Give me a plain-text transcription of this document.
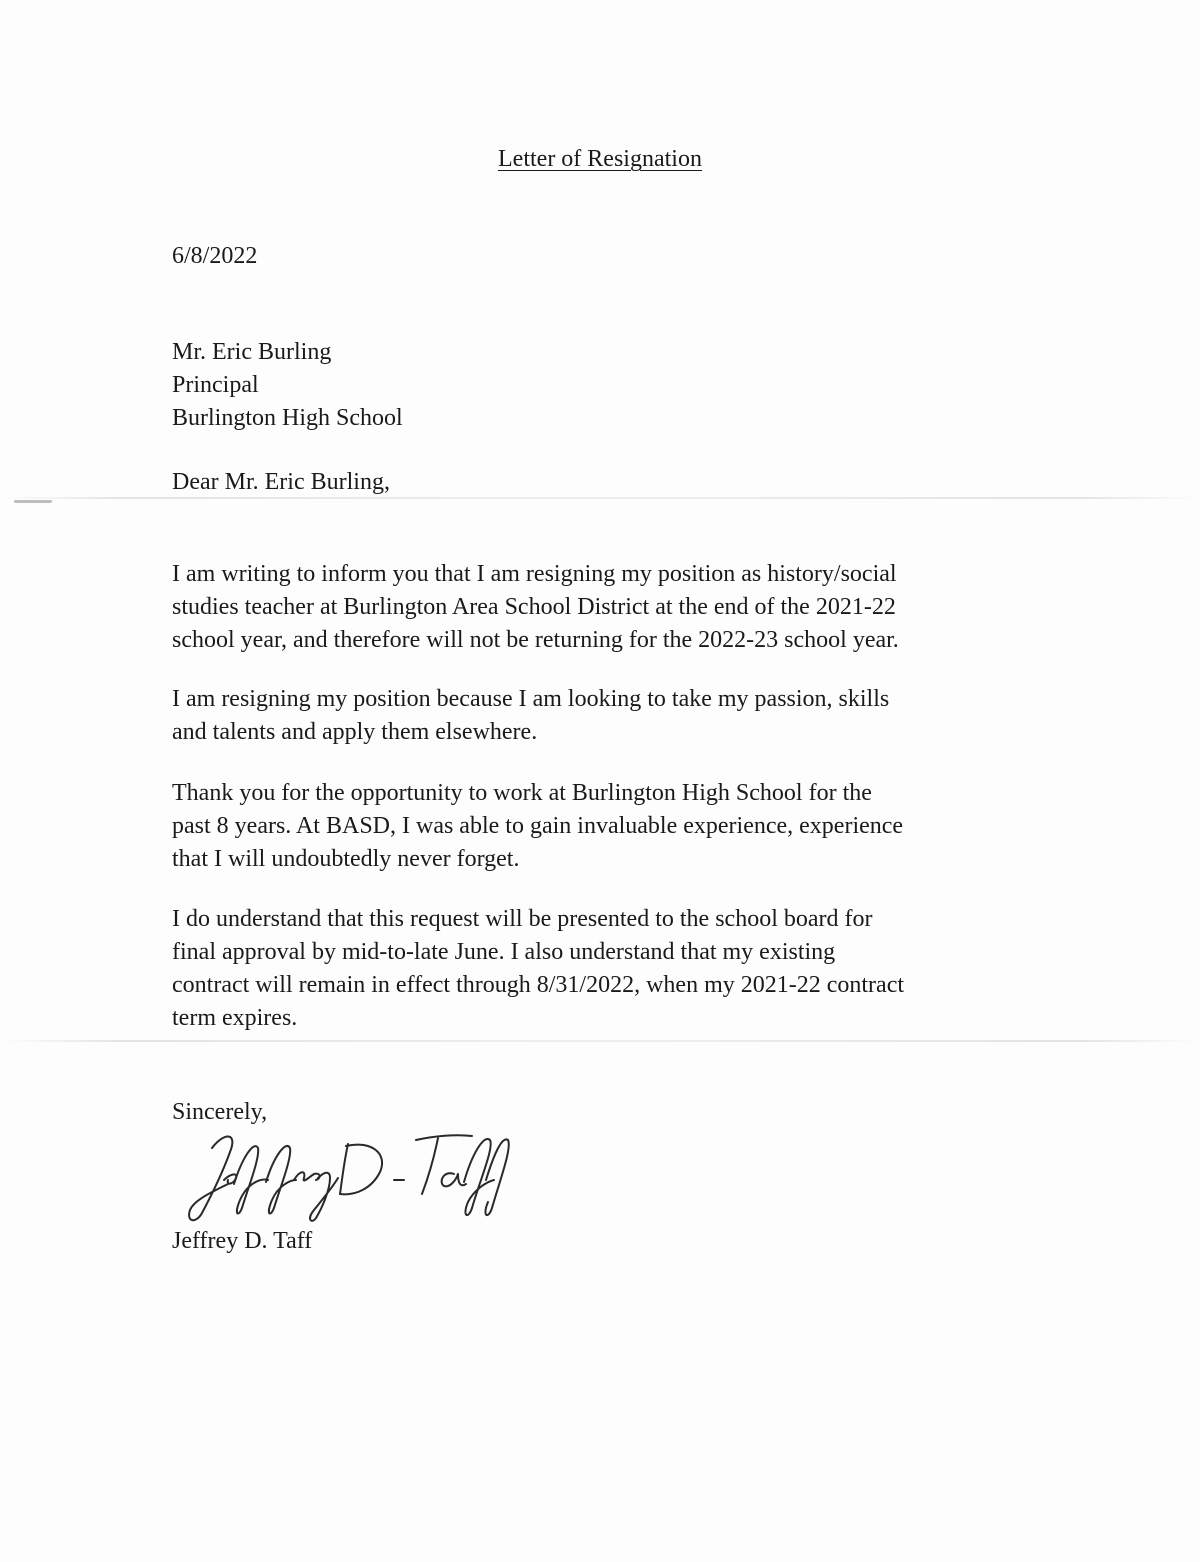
Letter of Resignation
6/8/2022
Mr. Eric Burling
Principal
Burlington High School
Dear Mr. Eric Burling,
I am writing to inform you that I am resigning my position as history/social
studies teacher at Burlington Area School District at the end of the 2021-22
school year, and therefore will not be returning for the 2022-23 school year.
I am resigning my position because I am looking to take my passion, skills
and talents and apply them elsewhere.
Thank you for the opportunity to work at Burlington High School for the
past 8 years. At BASD, I was able to gain invaluable experience, experience
that I will undoubtedly never forget.
I do understand that this request will be presented to the school board for
final approval by mid-to-late June. I also understand that my existing
contract will remain in effect through 8/31/2022, when my 2021-22 contract
term expires.
Sincerely,
Jeffrey D. Taff
